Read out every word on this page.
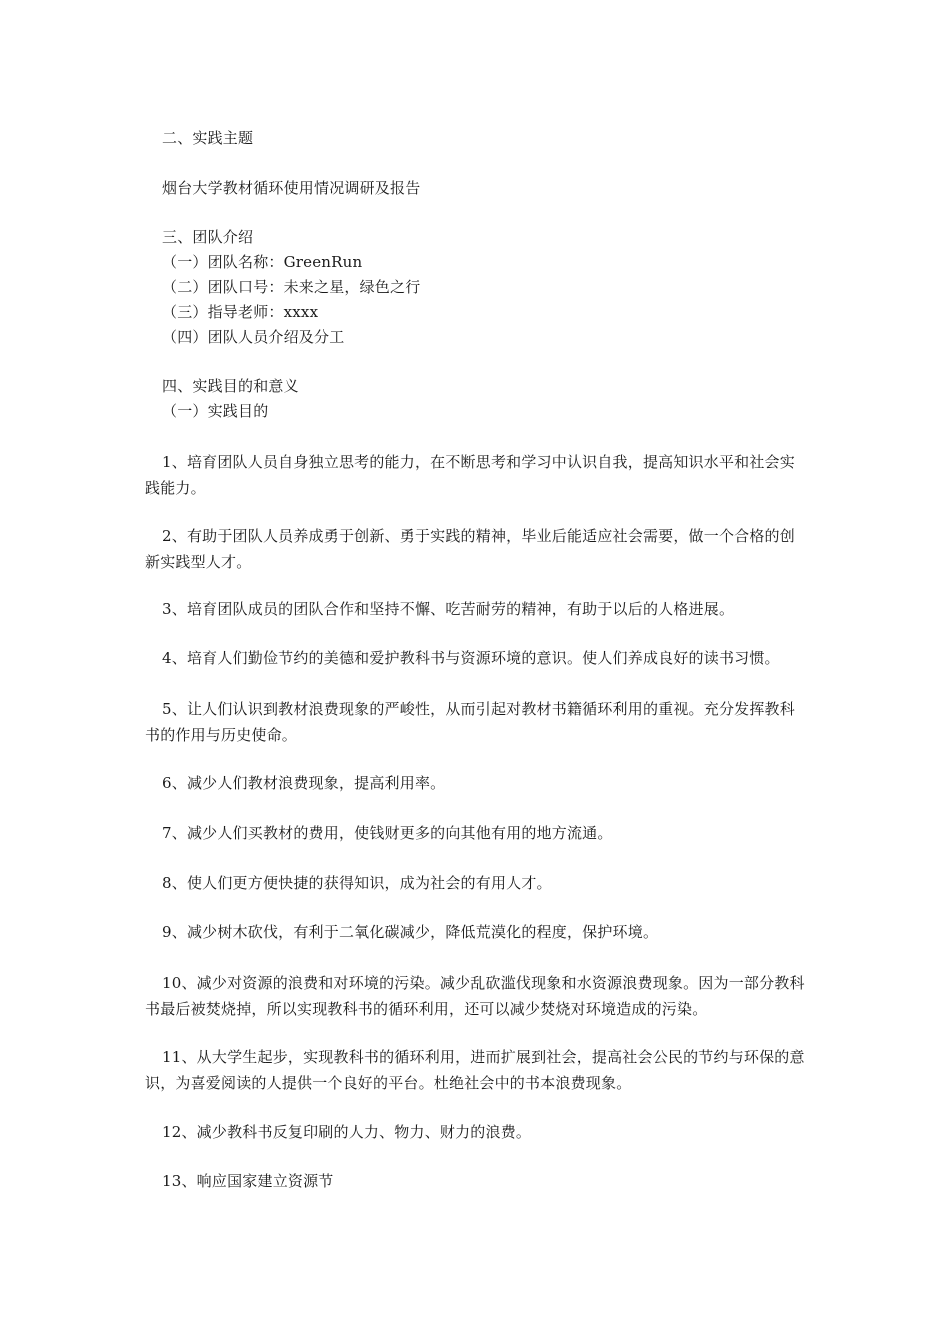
二、实践主题

烟台大学教材循环使用情况调研及报告

三、团队介绍

（一）团队名称：GreenRun

（二）团队口号：未来之星，绿色之行

（三）指导老师：xxxx

（四）团队人员介绍及分工

四、实践目的和意义

（一）实践目的

1、培育团队人员自身独立思考的能力，在不断思考和学习中认识自我，提高知识水平和社会实践能力。

2、有助于团队人员养成勇于创新、勇于实践的精神，毕业后能适应社会需要，做一个合格的创新实践型人才。

3、培育团队成员的团队合作和坚持不懈、吃苦耐劳的精神，有助于以后的人格进展。

4、培育人们勤俭节约的美德和爱护教科书与资源环境的意识。使人们养成良好的读书习惯。

5、让人们认识到教材浪费现象的严峻性，从而引起对教材书籍循环利用的重视。充分发挥教科书的作用与历史使命。

6、减少人们教材浪费现象，提高利用率。

7、减少人们买教材的费用，使钱财更多的向其他有用的地方流通。

8、使人们更方便快捷的获得知识，成为社会的有用人才。

9、减少树木砍伐，有利于二氧化碳减少，降低荒漠化的程度，保护环境。

10、减少对资源的浪费和对环境的污染。减少乱砍滥伐现象和水资源浪费现象。因为一部分教科书最后被焚烧掉，所以实现教科书的循环利用，还可以减少焚烧对环境造成的污染。

11、从大学生起步，实现教科书的循环利用，进而扩展到社会，提高社会公民的节约与环保的意识，为喜爱阅读的人提供一个良好的平台。杜绝社会中的书本浪费现象。

12、减少教科书反复印刷的人力、物力、财力的浪费。

13、响应国家建立资源节
